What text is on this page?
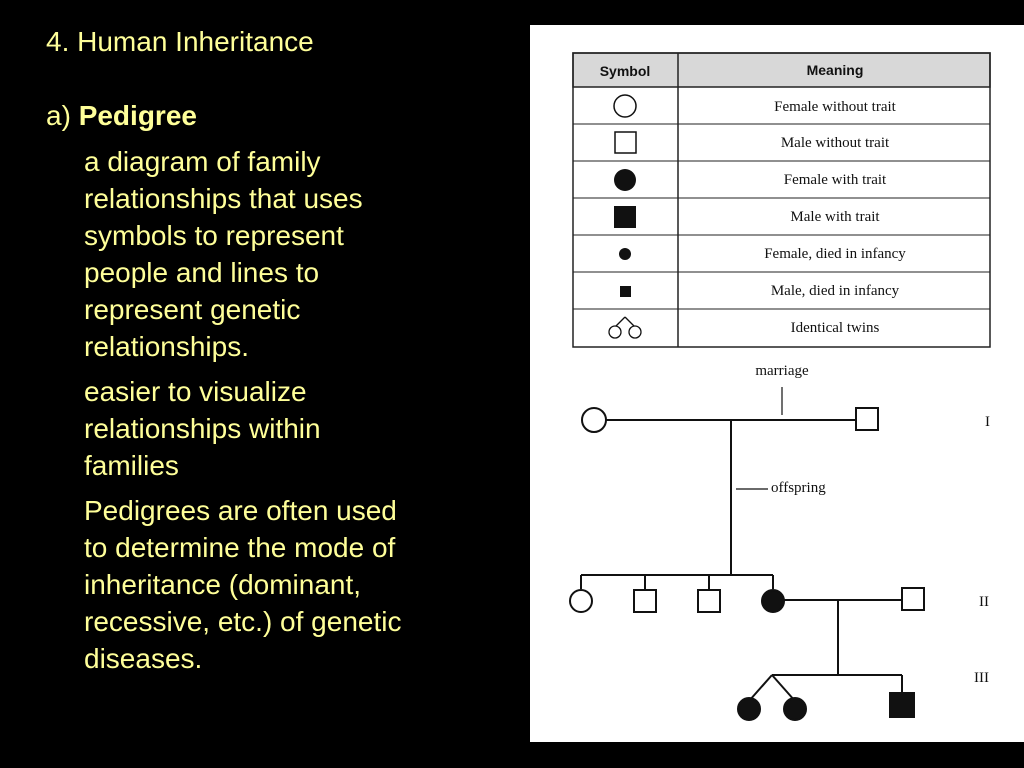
4. Human Inheritance
a) Pedigree
a diagram of family
relationships that uses
symbols to represent
people and lines to
represent genetic
relationships.
easier to visualize
relationships within
families
Pedigrees are often used
to determine the mode of
inheritance (dominant,
recessive, etc.) of genetic
diseases.
Symbol	Meaning
Female without trait
Male without trait
Female with trait
Male with trait
Female, died in infancy
Male, died in infancy
Identical twins
marriage
I
offspring
II
III
